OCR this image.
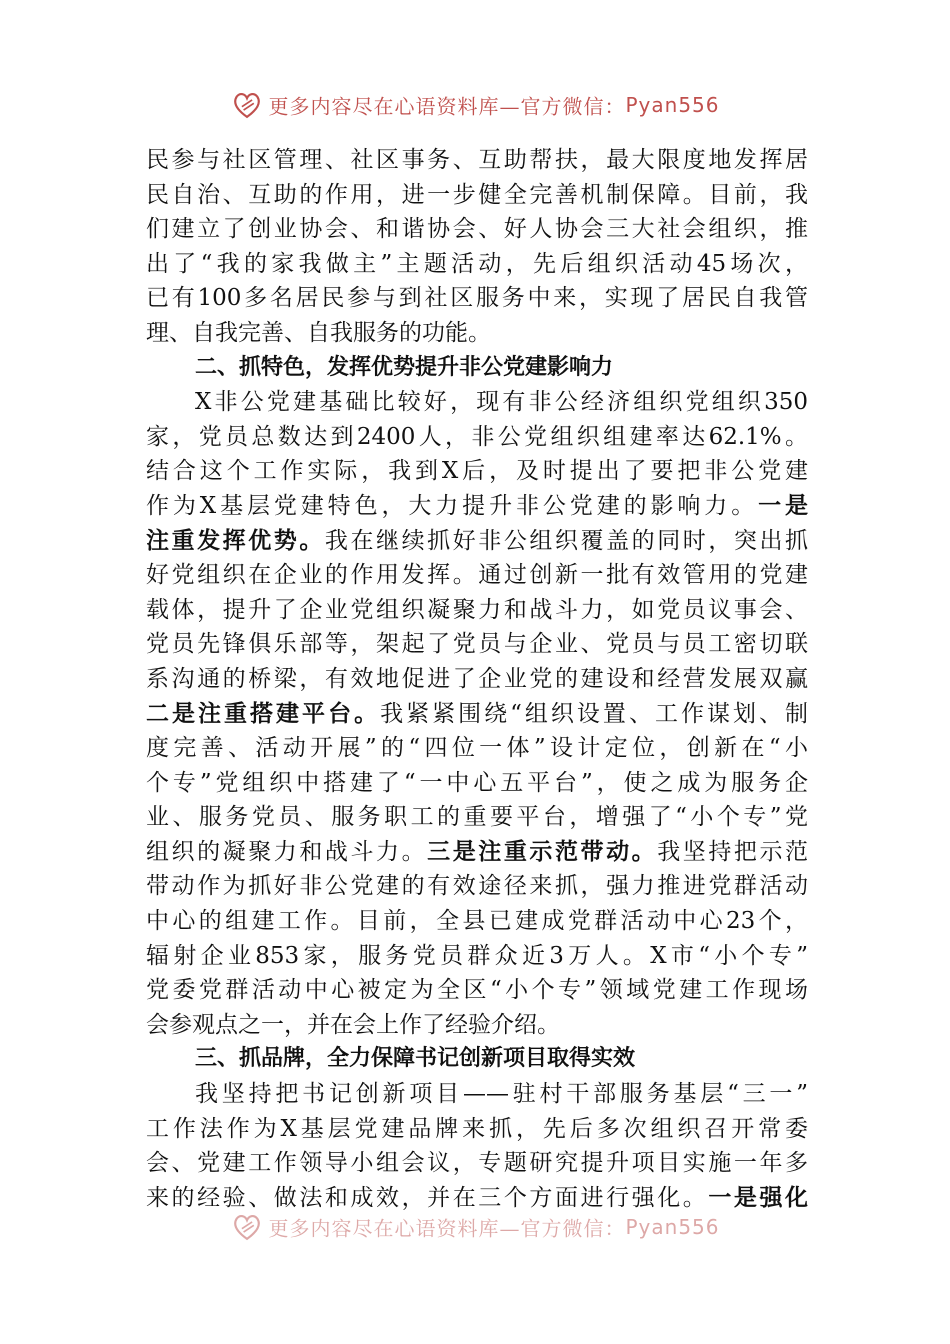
更多内容尽在心语资料库—官方微信：Pyan556
民参与社区管理、社区事务、互助帮扶，最大限度地发挥居
民自治、互助的作用，进一步健全完善机制保障。目前，我
们建立了创业协会、和谐协会、好人协会三大社会组织，推
出了“我的家我做主”主题活动，先后组织活动45场次，
已有100多名居民参与到社区服务中来，实现了居民自我管
理、自我完善、自我服务的功能。
二、抓特色，发挥优势提升非公党建影响力
X非公党建基础比较好，现有非公经济组织党组织350
家，党员总数达到2400人，非公党组织组建率达62.1%。
结合这个工作实际，我到X后，及时提出了要把非公党建
作为X基层党建特色，大力提升非公党建的影响力。一是
注重发挥优势。我在继续抓好非公组织覆盖的同时，突出抓
好党组织在企业的作用发挥。通过创新一批有效管用的党建
载体，提升了企业党组织凝聚力和战斗力，如党员议事会、
党员先锋俱乐部等，架起了党员与企业、党员与员工密切联
系沟通的桥梁，有效地促进了企业党的建设和经营发展双赢
二是注重搭建平台。我紧紧围绕“组织设置、工作谋划、制
度完善、活动开展”的“四位一体”设计定位，创新在“小
个专”党组织中搭建了“一中心五平台”，使之成为服务企
业、服务党员、服务职工的重要平台，增强了“小个专”党
组织的凝聚力和战斗力。三是注重示范带动。我坚持把示范
带动作为抓好非公党建的有效途径来抓，强力推进党群活动
中心的组建工作。目前，全县已建成党群活动中心23个，
辐射企业853家，服务党员群众近3万人。X市“小个专”
党委党群活动中心被定为全区“小个专”领域党建工作现场
会参观点之一，并在会上作了经验介绍。
三、抓品牌，全力保障书记创新项目取得实效
我坚持把书记创新项目——驻村干部服务基层“三一”
工作法作为X基层党建品牌来抓，先后多次组织召开常委
会、党建工作领导小组会议，专题研究提升项目实施一年多
来的经验、做法和成效，并在三个方面进行强化。一是强化
更多内容尽在心语资料库—官方微信：Pyan556
